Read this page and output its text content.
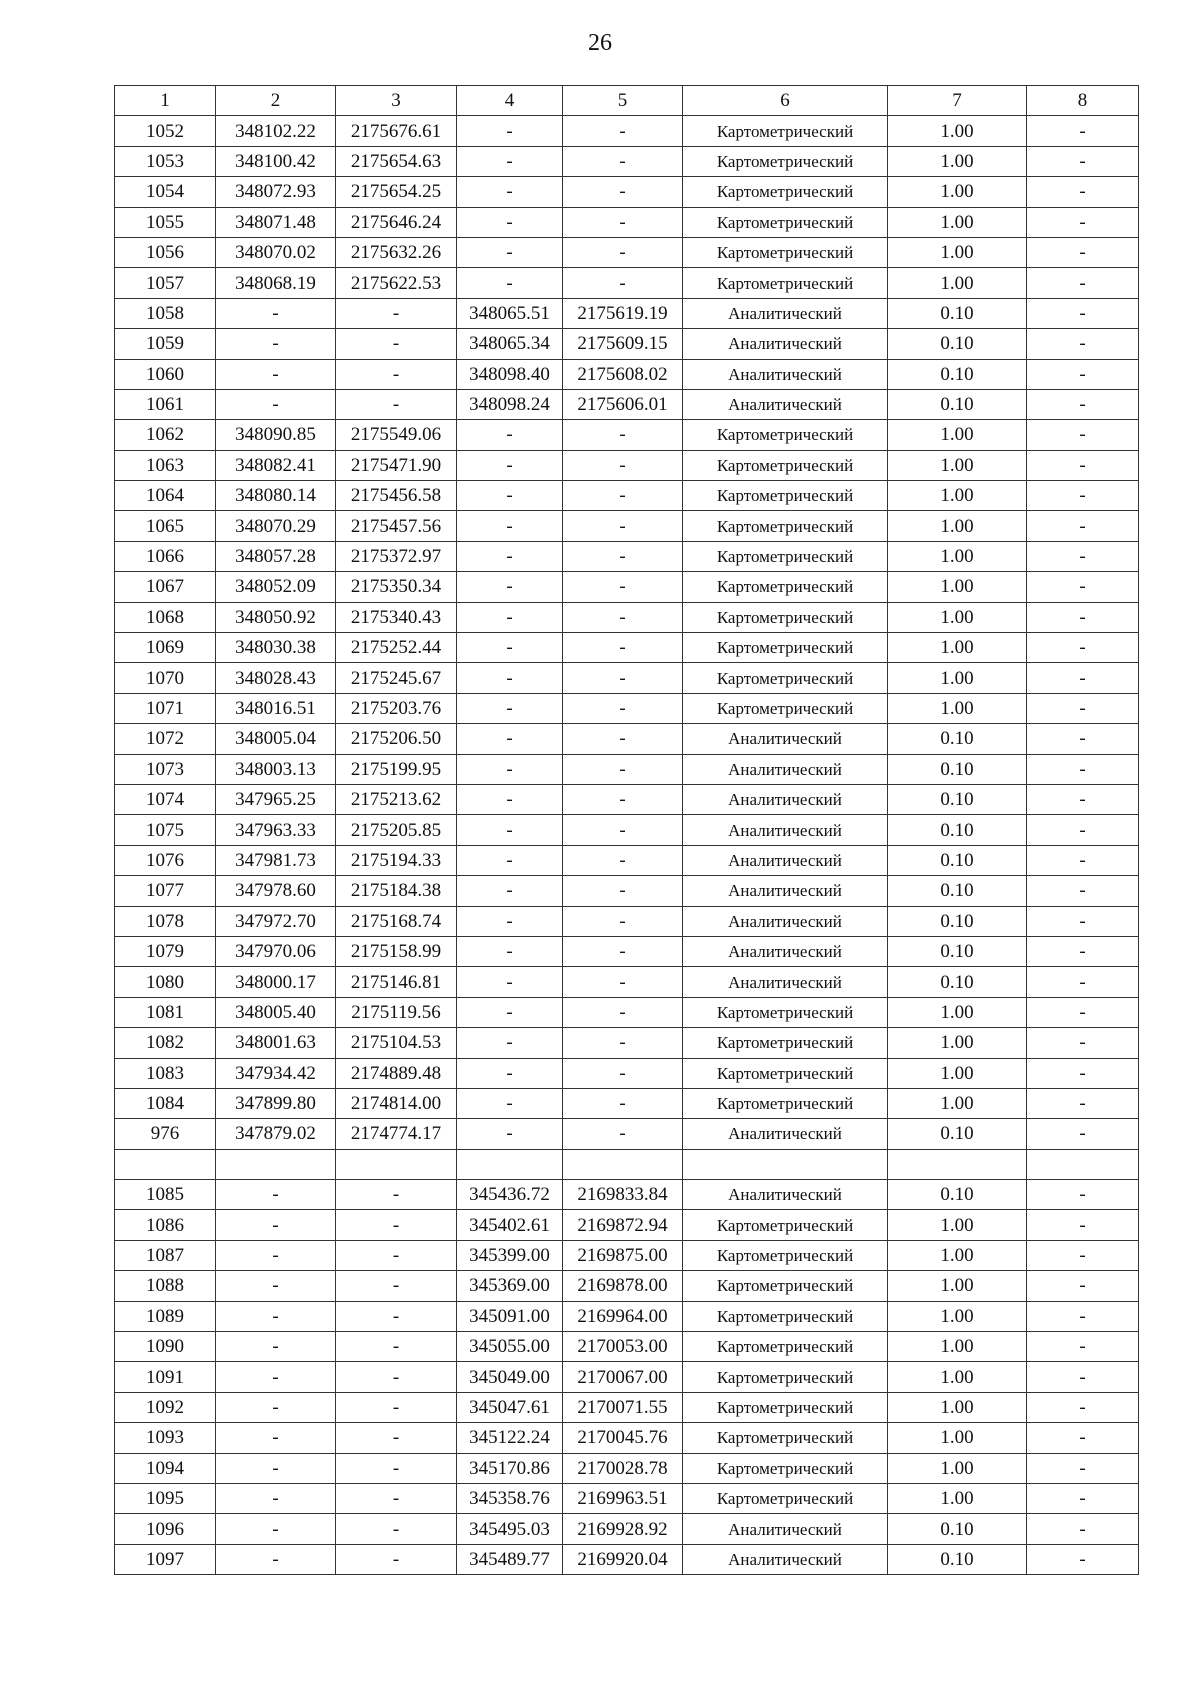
26
1	2	3	4	5	6	7	8
1052	348102.22	2175676.61	-	-	Картометрический	1.00	-
1053	348100.42	2175654.63	-	-	Картометрический	1.00	-
1054	348072.93	2175654.25	-	-	Картометрический	1.00	-
1055	348071.48	2175646.24	-	-	Картометрический	1.00	-
1056	348070.02	2175632.26	-	-	Картометрический	1.00	-
1057	348068.19	2175622.53	-	-	Картометрический	1.00	-
1058	-	-	348065.51	2175619.19	Аналитический	0.10	-
1059	-	-	348065.34	2175609.15	Аналитический	0.10	-
1060	-	-	348098.40	2175608.02	Аналитический	0.10	-
1061	-	-	348098.24	2175606.01	Аналитический	0.10	-
1062	348090.85	2175549.06	-	-	Картометрический	1.00	-
1063	348082.41	2175471.90	-	-	Картометрический	1.00	-
1064	348080.14	2175456.58	-	-	Картометрический	1.00	-
1065	348070.29	2175457.56	-	-	Картометрический	1.00	-
1066	348057.28	2175372.97	-	-	Картометрический	1.00	-
1067	348052.09	2175350.34	-	-	Картометрический	1.00	-
1068	348050.92	2175340.43	-	-	Картометрический	1.00	-
1069	348030.38	2175252.44	-	-	Картометрический	1.00	-
1070	348028.43	2175245.67	-	-	Картометрический	1.00	-
1071	348016.51	2175203.76	-	-	Картометрический	1.00	-
1072	348005.04	2175206.50	-	-	Аналитический	0.10	-
1073	348003.13	2175199.95	-	-	Аналитический	0.10	-
1074	347965.25	2175213.62	-	-	Аналитический	0.10	-
1075	347963.33	2175205.85	-	-	Аналитический	0.10	-
1076	347981.73	2175194.33	-	-	Аналитический	0.10	-
1077	347978.60	2175184.38	-	-	Аналитический	0.10	-
1078	347972.70	2175168.74	-	-	Аналитический	0.10	-
1079	347970.06	2175158.99	-	-	Аналитический	0.10	-
1080	348000.17	2175146.81	-	-	Аналитический	0.10	-
1081	348005.40	2175119.56	-	-	Картометрический	1.00	-
1082	348001.63	2175104.53	-	-	Картометрический	1.00	-
1083	347934.42	2174889.48	-	-	Картометрический	1.00	-
1084	347899.80	2174814.00	-	-	Картометрический	1.00	-
976	347879.02	2174774.17	-	-	Аналитический	0.10	-

1085	-	-	345436.72	2169833.84	Аналитический	0.10	-
1086	-	-	345402.61	2169872.94	Картометрический	1.00	-
1087	-	-	345399.00	2169875.00	Картометрический	1.00	-
1088	-	-	345369.00	2169878.00	Картометрический	1.00	-
1089	-	-	345091.00	2169964.00	Картометрический	1.00	-
1090	-	-	345055.00	2170053.00	Картометрический	1.00	-
1091	-	-	345049.00	2170067.00	Картометрический	1.00	-
1092	-	-	345047.61	2170071.55	Картометрический	1.00	-
1093	-	-	345122.24	2170045.76	Картометрический	1.00	-
1094	-	-	345170.86	2170028.78	Картометрический	1.00	-
1095	-	-	345358.76	2169963.51	Картометрический	1.00	-
1096	-	-	345495.03	2169928.92	Аналитический	0.10	-
1097	-	-	345489.77	2169920.04	Аналитический	0.10	-
